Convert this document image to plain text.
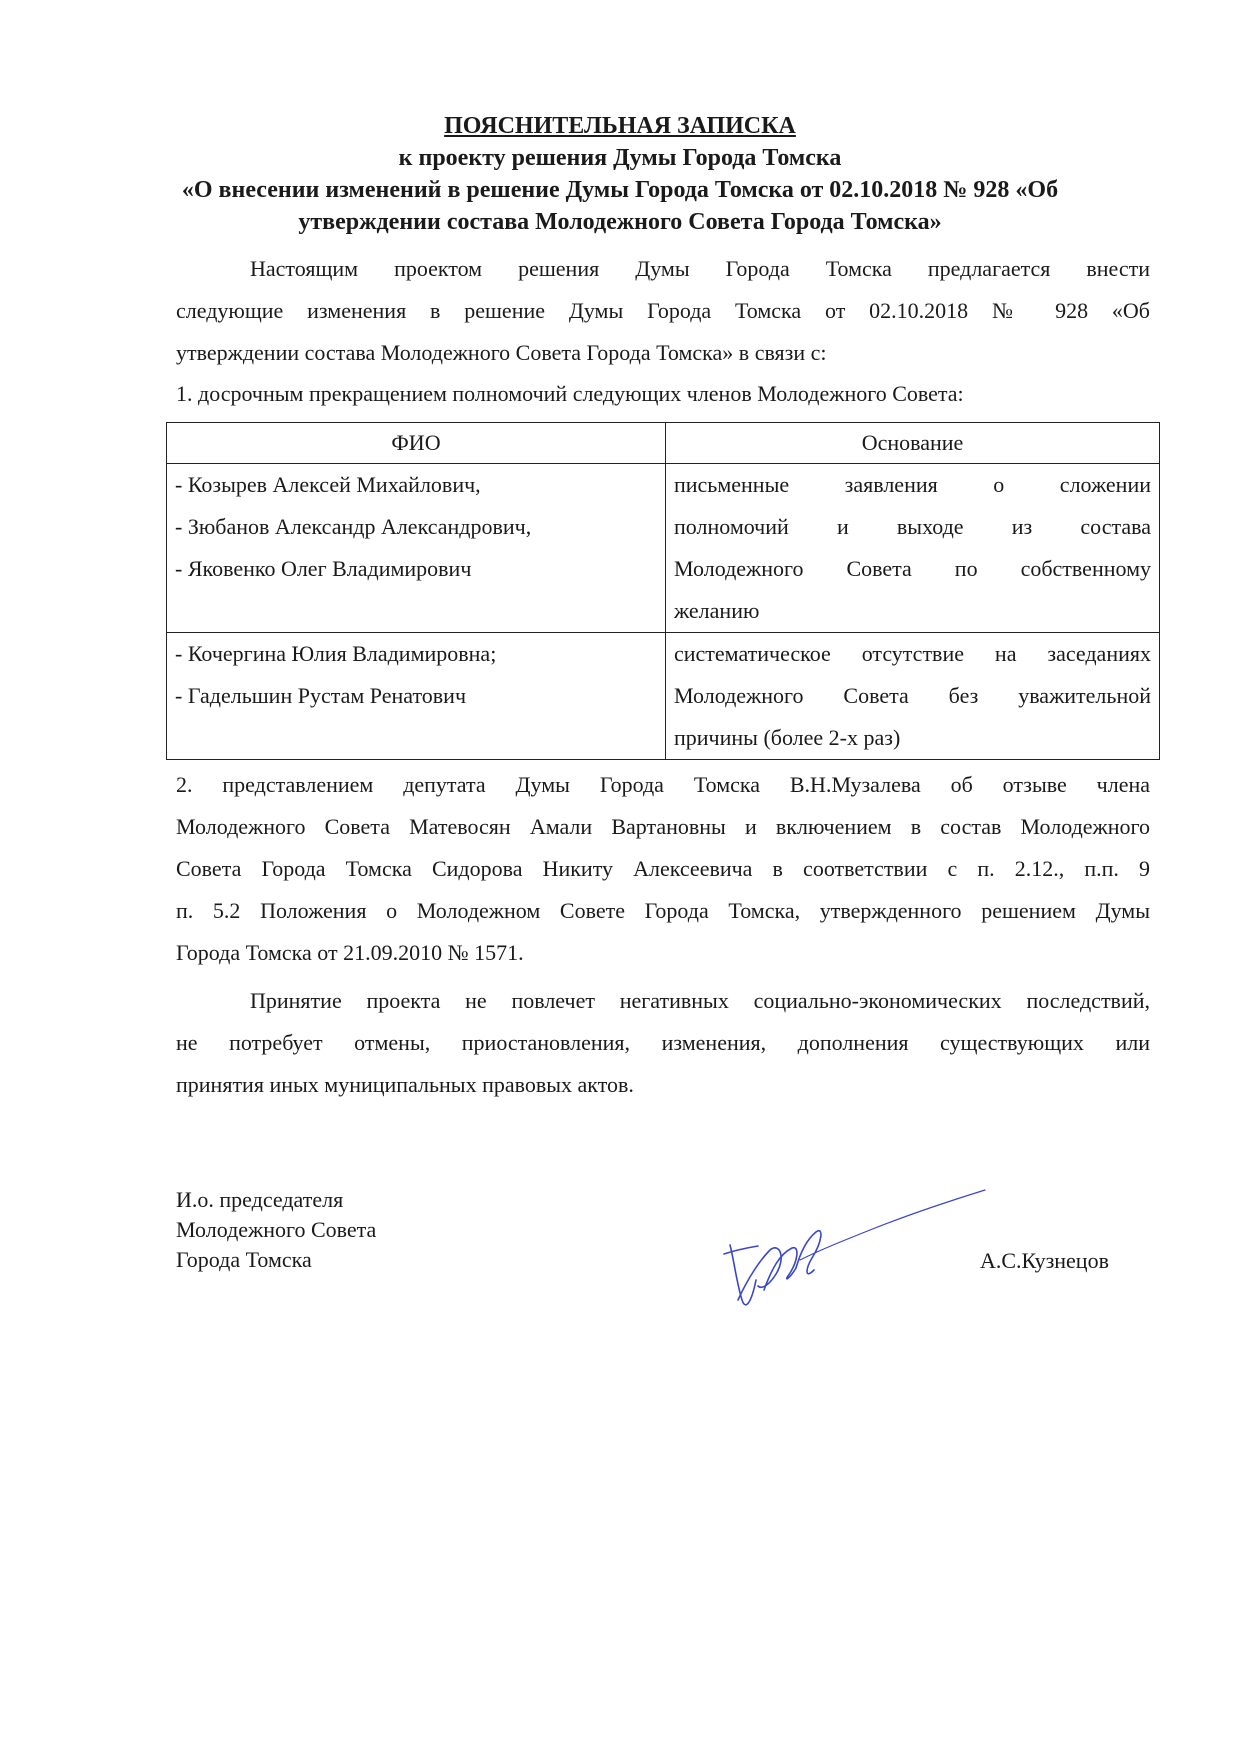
ПОЯСНИТЕЛЬНАЯ ЗАПИСКА
к проекту решения Думы Города Томска
«О внесении изменений в решение Думы Города Томска от 02.10.2018 № 928 «Об
утверждении состава Молодежного Совета Города Томска»
Настоящим проектом решения Думы Города Томска предлагается внести
следующие изменения в решение Думы Города Томска от 02.10.2018 № 928 «Об
утверждении состава Молодежного Совета Города Томска» в связи с:
1. досрочным прекращением полномочий следующих членов Молодежного Совета:
ФИО	Основание

- Козырев Алексей Михайлович,
- Зюбанов Александр Александрович,
- Яковенко Олег Владимирович	письменные заявления о сложении
полномочий и выходе из состава
Молодежного Совета по собственному
желанию

- Кочергина Юлия Владимировна;
- Гадельшин Рустам Ренатович	систематическое отсутствие на заседаниях
Молодежного Совета без уважительной
причины (более 2-х раз)
2. представлением депутата Думы Города Томска В.Н.Музалева об отзыве члена
Молодежного Совета Матевосян Амали Вартановны и включением в состав Молодежного
Совета Города Томска Сидорова Никиту Алексеевича в соответствии с п. 2.12., п.п. 9
п. 5.2 Положения о Молодежном Совете Города Томска, утвержденного решением Думы
Города Томска от 21.09.2010 № 1571.
Принятие проекта не повлечет негативных социально-экономических последствий,
не потребует отмены, приостановления, изменения, дополнения существующих или
принятия иных муниципальных правовых актов.
И.о. председателя
Молодежного Совета
Города Томска	А.С.Кузнецов
